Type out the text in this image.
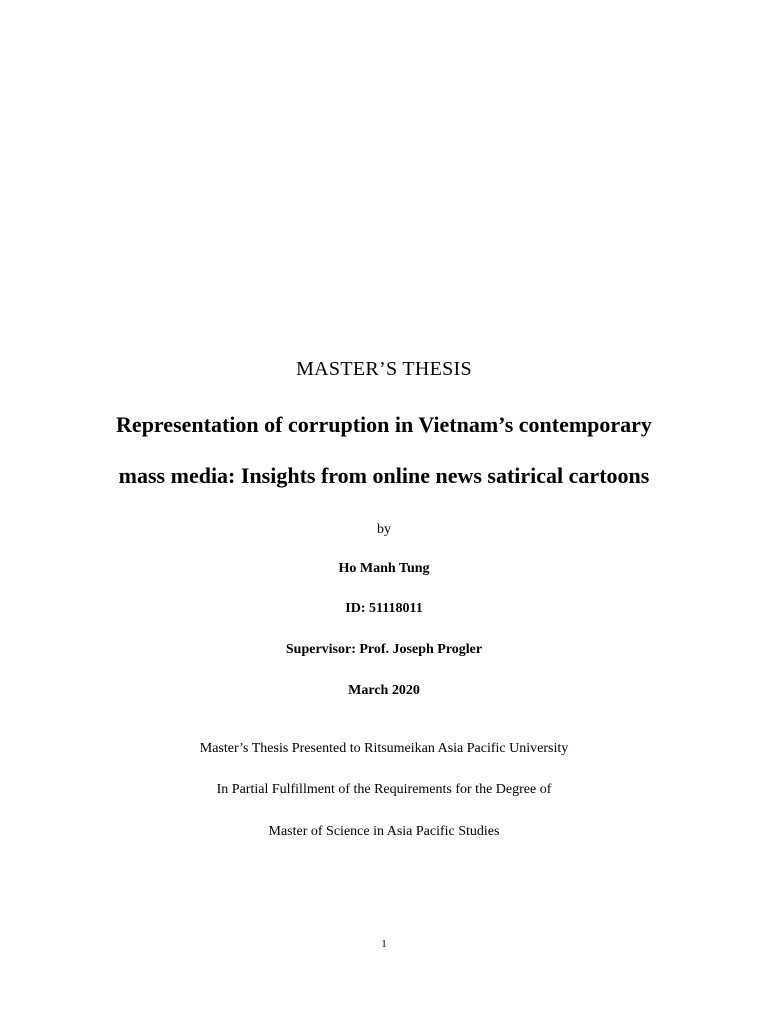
MASTER’S THESIS
Representation of corruption in Vietnam’s contemporary
mass media: Insights from online news satirical cartoons
by
Ho Manh Tung
ID: 51118011
Supervisor: Prof. Joseph Progler
March 2020
Master’s Thesis Presented to Ritsumeikan Asia Pacific University
In Partial Fulfillment of the Requirements for the Degree of
Master of Science in Asia Pacific Studies
1
